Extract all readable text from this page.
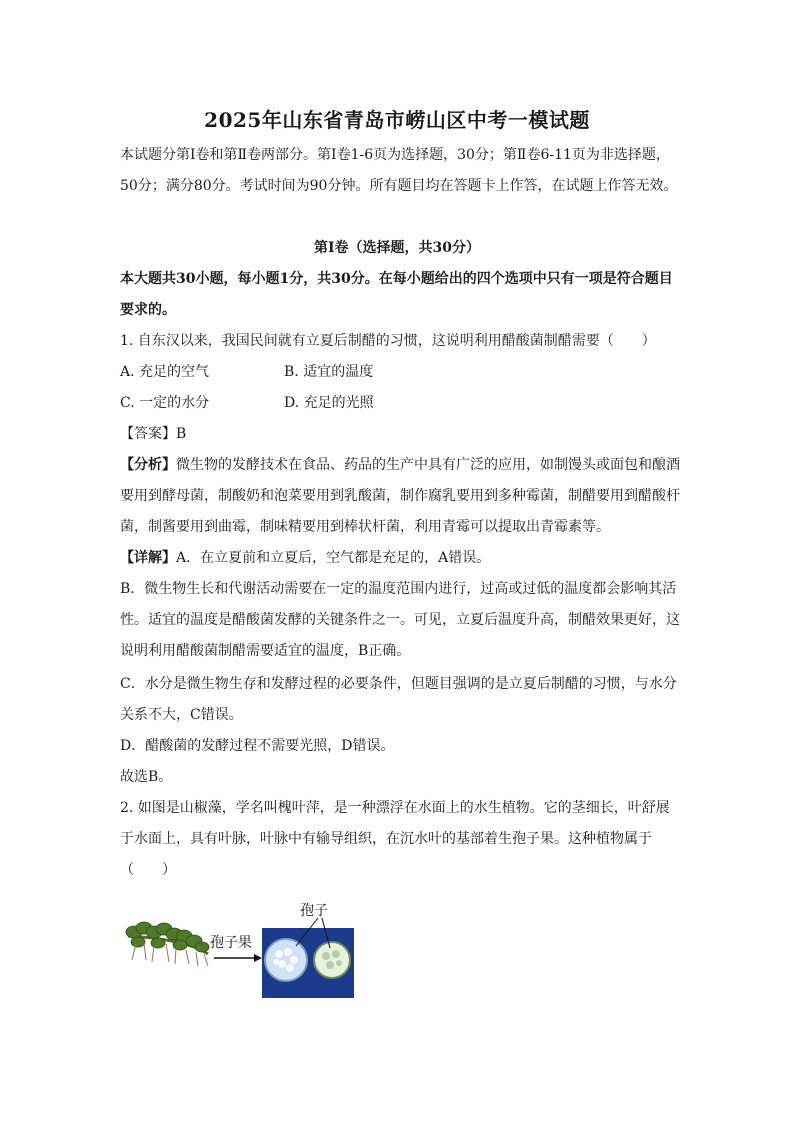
2025年山东省青岛市崂山区中考一模试题

本试题分第Ⅰ卷和第Ⅱ卷两部分。第Ⅰ卷1-6页为选择题，30分；第Ⅱ卷6-11页为非选择题，50分；满分80分。考试时间为90分钟。所有题目均在答题卡上作答，在试题上作答无效。

第Ⅰ卷（选择题，共30分）

本大题共30小题，每小题1分，共30分。在每小题给出的四个选项中只有一项是符合题目要求的。

1. 自东汉以来，我国民间就有立夏后制醋的习惯，这说明利用醋酸菌制醋需要（　　）
A. 充足的空气	B. 适宜的温度
C. 一定的水分	D. 充足的光照
【答案】B

【分析】微生物的发酵技术在食品、药品的生产中具有广泛的应用，如制馒头或面包和酿酒要用到酵母菌，制酸奶和泡菜要用到乳酸菌，制作腐乳要用到多种霉菌，制醋要用到醋酸杆菌，制酱要用到曲霉，制味精要用到棒状杆菌，利用青霉可以提取出青霉素等。

【详解】A．在立夏前和立夏后，空气都是充足的，A错误。

B．微生物生长和代谢活动需要在一定的温度范围内进行，过高或过低的温度都会影响其活性。适宜的温度是醋酸菌发酵的关键条件之一。可见，立夏后温度升高，制醋效果更好，这说明利用醋酸菌制醋需要适宜的温度，B正确。

C．水分是微生物生存和发酵过程的必要条件，但题目强调的是立夏后制醋的习惯，与水分关系不大，C错误。

D．醋酸菌的发酵过程不需要光照，D错误。
故选B。

2. 如图是山椒藻，学名叫槐叶萍，是一种漂浮在水面上的水生植物。它的茎细长，叶舒展于水面上，具有叶脉，叶脉中有输导组织，在沉水叶的基部着生孢子果。这种植物属于（　　）

孢子果
孢子
